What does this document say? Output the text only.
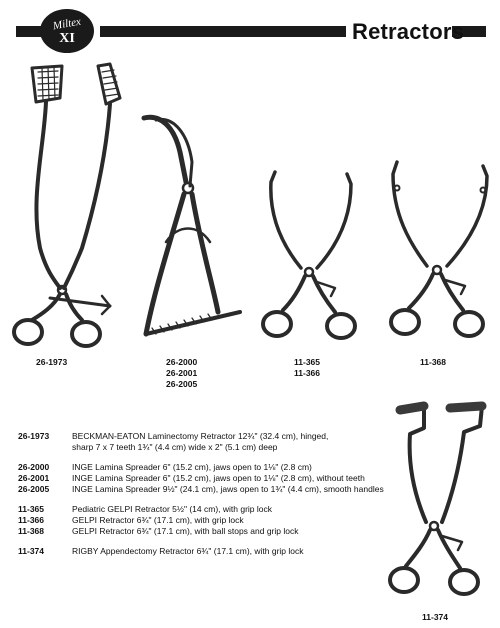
Miltex
XI	Retractors
26-1973	26-2000
26-2001
26-2005
11-365
11-366
11-368
11-374
26-1973	BECKMAN-EATON Laminectomy Retractor 12¾" (32.4 cm), hinged,
sharp 7 x 7 teeth 1¾" (4.4 cm) wide x 2" (5.1 cm) deep
26-2000	INGE Lamina Spreader 6" (15.2 cm), jaws open to 1⅛" (2.8 cm)
26-2001	INGE Lamina Spreader 6" (15.2 cm), jaws open to 1⅛" (2.8 cm), without teeth
26-2005	INGE Lamina Spreader 9½" (24.1 cm), jaws open to 1¾" (4.4 cm), smooth handles
11-365	Pediatric GELPI Retractor 5½" (14 cm), with grip lock
11-366	GELPI Retractor 6¾" (17.1 cm), with grip lock
11-368	GELPI Retractor 6¾" (17.1 cm), with ball stops and grip lock
11-374	RIGBY Appendectomy Retractor 6¾" (17.1 cm), with grip lock
